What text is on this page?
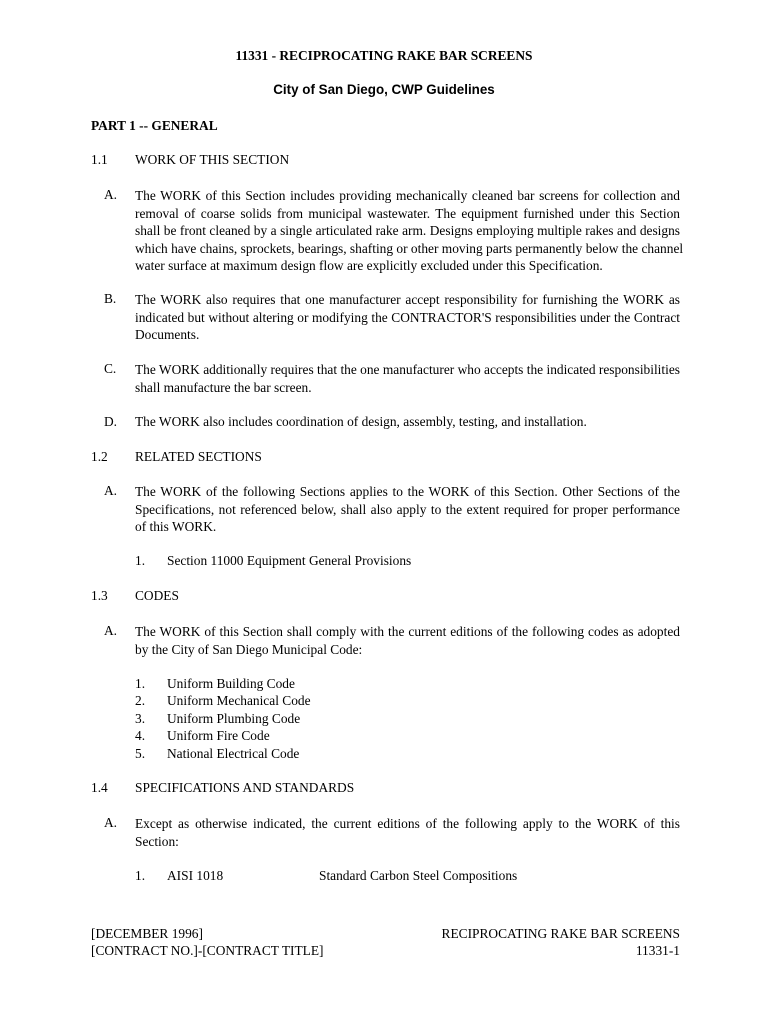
11331 - RECIPROCATING RAKE BAR SCREENS
City of San Diego, CWP Guidelines
PART 1 -- GENERAL
1.1 WORK OF THIS SECTION
A. The WORK of this Section includes providing mechanically cleaned bar screens for collection and
removal of coarse solids from municipal wastewater. The equipment furnished under this Section
shall be front cleaned by a single articulated rake arm. Designs employing multiple rakes and designs
which have chains, sprockets, bearings, shafting or other moving parts permanently below the channel
water surface at maximum design flow are explicitly excluded under this Specification.
B. The WORK also requires that one manufacturer accept responsibility for furnishing the WORK as
indicated but without altering or modifying the CONTRACTOR'S responsibilities under the Contract
Documents.
C. The WORK additionally requires that the one manufacturer who accepts the indicated responsibilities
shall manufacture the bar screen.
D. The WORK also includes coordination of design, assembly, testing, and installation.
1.2 RELATED SECTIONS
A. The WORK of the following Sections applies to the WORK of this Section. Other Sections of the
Specifications, not referenced below, shall also apply to the extent required for proper performance
of this WORK.
1. Section 11000 Equipment General Provisions
1.3 CODES
A. The WORK of this Section shall comply with the current editions of the following codes as adopted
by the City of San Diego Municipal Code:
1. Uniform Building Code
2. Uniform Mechanical Code
3. Uniform Plumbing Code
4. Uniform Fire Code
5. National Electrical Code
1.4 SPECIFICATIONS AND STANDARDS
A. Except as otherwise indicated, the current editions of the following apply to the WORK of this
Section:
1. AISI 1018	Standard Carbon Steel Compositions
[DECEMBER 1996]
[CONTRACT NO.]-[CONTRACT TITLE]
RECIPROCATING RAKE BAR SCREENS
11331-1
